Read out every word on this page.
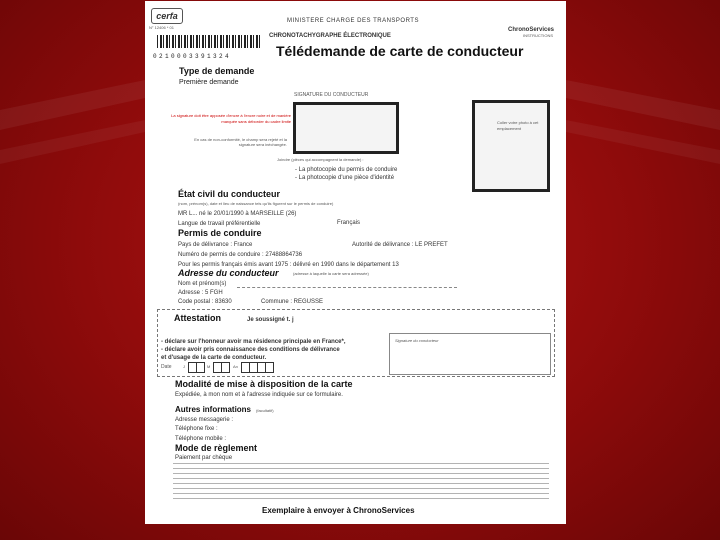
cerfa
N° 12406 * 01
MINISTERE CHARGE DES TRANSPORTS
CHRONOTACHYGRAPHE ÉLECTRONIQUE
Télédemande de carte de conducteur
ChronoServices
INSTRUCTIONS
0210003391324
Type de demande
Première demande
SIGNATURE DU CONDUCTEUR
La signature doit être apposée d'encre à l'encre noire et de manière marquée sans déborder du cadre limite
En cas de non-conformité, le champ sera rejeté et la signature sera inéchangée.
Coller votre photo à cet emplacement
Joindre (pièces qui accompagnent la demande) :
- La photocopie du permis de conduire
- La photocopie d'une pièce d'identité
État civil du conducteur
(nom, prénom(s), date et lieu de naissance tels qu'ils figurent sur le permis de conduire)
MR L... né le 20/01/1990 à MARSEILLE (26)
Langue de travail préférentielle	Français
Permis de conduire
Pays de délivrance : France	Autorité de délivrance : LE PREFET
Numéro de permis de conduire : 27488864736
Pour les permis français émis avant 1975 : délivré en 1990 dans le département 13
Adresse du conducteur	(adresse à laquelle la carte sera adressée)
Nom et prénom(s)
Adresse : 5 FGH
Code postal : 83630	Commune : REGUSSE
Attestation	Je soussigné t. j
- déclare sur l'honneur avoir ma résidence principale en France*,
- déclare avoir pris connaissance des conditions de délivrance
et d'usage de la carte de conducteur.
Signature du conducteur
Date	J	M	An
Modalité de mise à disposition de la carte
Expédiée, à mon nom et à l'adresse indiquée sur ce formulaire.
Autres informations (facultatif)
Adresse messagerie :
Téléphone fixe :
Téléphone mobile :
Mode de règlement
Paiement par chèque
Exemplaire à envoyer à ChronoServices
